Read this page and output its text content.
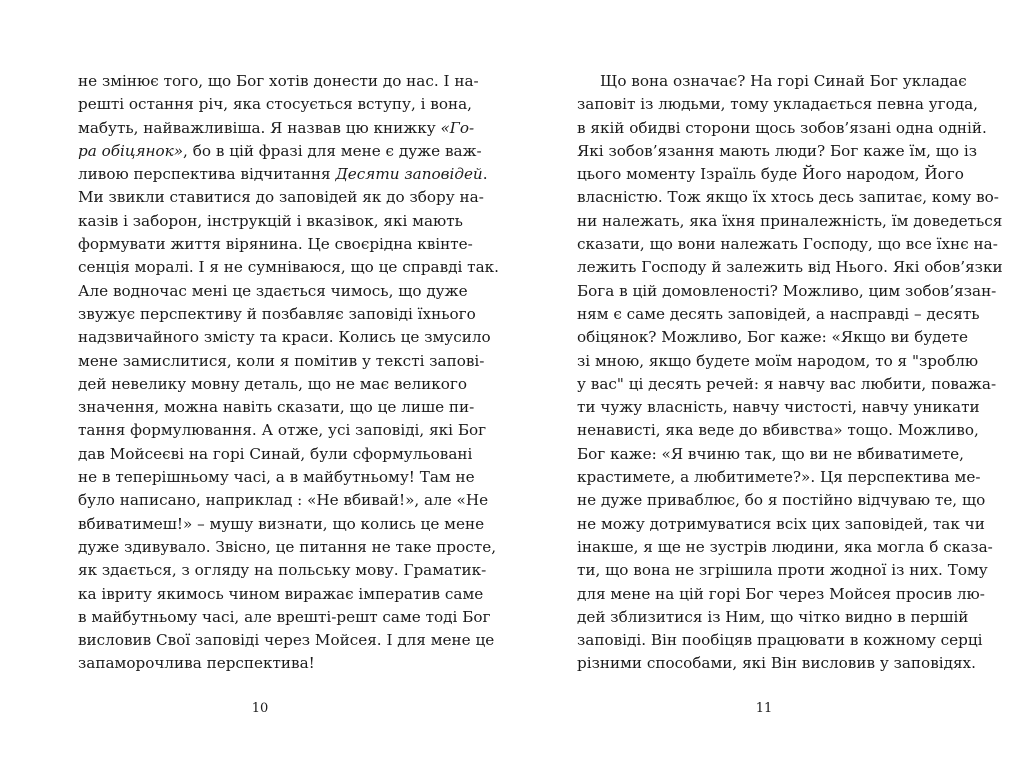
не змінює того, що Бог хотів донести до нас. І на-
решті остання річ, яка стосується вступу, і вона,
мабуть, найважливіша. Я назвав цю книжку «Го-
ра обіцянок», бо в цій фразі для мене є дуже важ-
ливою перспектива відчитання Десяти заповідей.
Ми звикли ставитися до заповідей як до збору на-
казів і заборон, інструкцій і вказівок, які мають
формувати життя вірянина. Це своєрідна квінте-
сенція моралі. І я не сумніваюся, що це справді так.
Але водночас мені це здається чимось, що дуже
звужує перспективу й позбавляє заповіді їхнього
надзвичайного змісту та краси. Колись це змусило
мене замислитися, коли я помітив у тексті запові-
дей невелику мовну деталь, що не має великого
значення, можна навіть сказати, що це лише пи-
тання формулювання. А отже, усі заповіді, які Бог
дав Мойсеєві на горі Синай, були сформульовані
не в теперішньому часі, а в майбутньому! Там не
було написано, наприклад : «Не вбивай!», але «Не
вбиватимеш!» – мушу визнати, що колись це мене
дуже здивувало. Звісно, це питання не таке просте,
як здається, з огляду на польську мову. Граматик-
ка івриту якимось чином виражає імператив саме
в майбутньому часі, але врешті-решт саме тоді Бог
висловив Свої заповіді через Мойсея. І для мене це
запаморочлива перспектива!
10
Що вона означає? На горі Синай Бог укладає
заповіт із людьми, тому укладається певна угода,
в якій обидві сторони щось зобов’язані одна одній.
Які зобов’язання мають люди? Бог каже їм, що із
цього моменту Ізраїль буде Його народом, Його
власністю. Тож якщо їх хтось десь запитає, кому во-
ни належать, яка їхня приналежність, їм доведеться
сказати, що вони належать Господу, що все їхнє на-
лежить Господу й залежить від Нього. Які обов’язки
Бога в цій домовленості? Можливо, цим зобов’язан-
ням є саме десять заповідей, а насправді – десять
обіцянок? Можливо, Бог каже: «Якщо ви будете
зі мною, якщо будете моїм народом, то я "зроблю
у вас" ці десять речей: я навчу вас любити, поважа-
ти чужу власність, навчу чистості, навчу уникати
ненависті, яка веде до вбивства» тощо. Можливо,
Бог каже: «Я вчиню так, що ви не вбиватимете,
крастимете, а любитимете?». Ця перспектива ме-
не дуже приваблює, бо я постійно відчуваю те, що
не можу дотримуватися всіх цих заповідей, так чи
інакше, я ще не зустрів людини, яка могла б сказа-
ти, що вона не згрішила проти жодної із них. Тому
для мене на цій горі Бог через Мойсея просив лю-
дей зблизитися із Ним, що чітко видно в першій
заповіді. Він пообіцяв працювати в кожному серці
різними способами, які Він висловив у заповідях.
11
